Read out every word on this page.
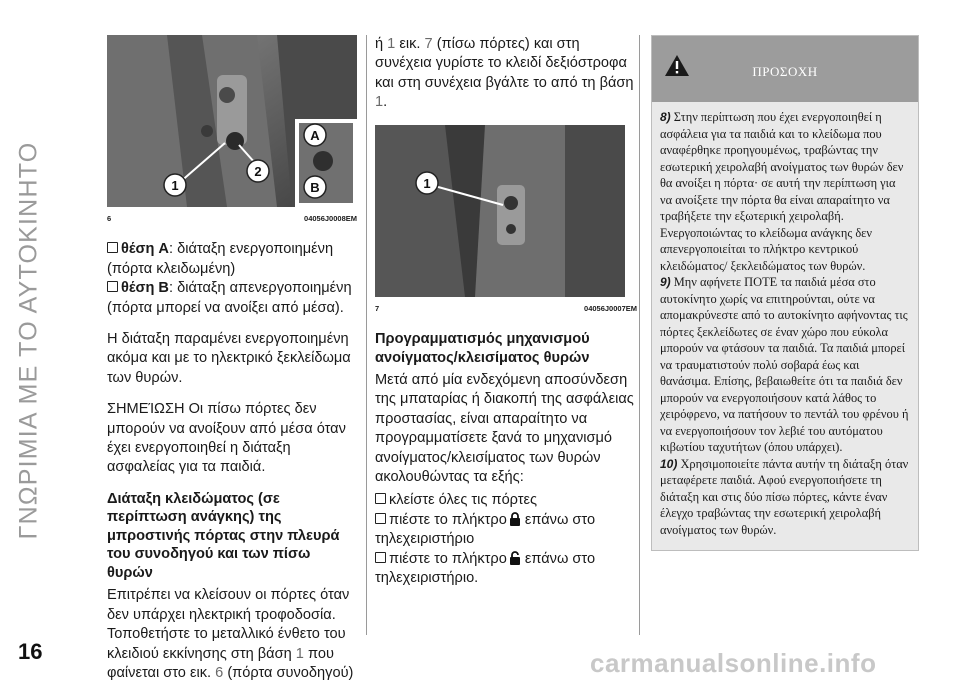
ΓΝΩΡΙΜΙΑ ΜΕ ΤΟ ΑΥΤΟΚΙΝΗΤΟ	1
2
A
B
6	04056J0008EM

θέση A: διάταξη ενεργοποιημένη (πόρτα κλειδωμένη)
θέση B: διάταξη απενεργοποιημένη (πόρτα μπορεί να ανοίξει από μέσα).

Η διάταξη παραμένει ενεργοποιημένη ακόμα και με το ηλεκτρικό ξεκλείδωμα των θυρών.

ΣΗΜΕΊΩΣΗ Οι πίσω πόρτες δεν μπορούν να ανοίξουν από μέσα όταν έχει ενεργοποιηθεί η διάταξη ασφαλείας για τα παιδιά.

Διάταξη κλειδώματος (σε περίπτωση ανάγκης) της μπροστινής πόρτας στην πλευρά του συνοδηγού και των πίσω θυρών

Επιτρέπει να κλείσουν οι πόρτες όταν δεν υπάρχει ηλεκτρική τροφοδοσία. Τοποθετήστε το μεταλλικό ένθετο του κλειδιού εκκίνησης στη βάση 1 που φαίνεται στο εικ. 6 (πόρτα συνοδηγού)

ή 1 εικ. 7 (πίσω πόρτες) και στη συνέχεια γυρίστε το κλειδί δεξιόστροφα και στη συνέχεια βγάλτε το από τη βάση 1.

1
7	04056J0007EM
Προγραμματισμός μηχανισμού ανοίγματος/κλεισίματος θυρών

Μετά από μία ενδεχόμενη αποσύνδεση της μπαταρίας ή διακοπή της ασφάλειας προστασίας, είναι απαραίτητο να προγραμματίσετε ξανά το μηχανισμό ανοίγματος/κλεισίματος των θυρών ακολουθώντας τα εξής:

κλείστε όλες τις πόρτες
πιέστε το πλήκτρο επάνω στο τηλεχειριστήριο
πιέστε το πλήκτρο επάνω στο τηλεχειριστήριο.
ΠΡΟΣΟΧΗ

8) Στην περίπτωση που έχει ενεργοποιηθεί η ασφάλεια για τα παιδιά και το κλείδωμα που αναφέρθηκε προηγουμένως, τραβώντας την εσωτερική χειρολαβή ανοίγματος των θυρών δεν θα ανοίξει η πόρτα· σε αυτή την περίπτωση για να ανοίξετε την πόρτα θα είναι απαραίτητο να τραβήξετε την εξωτερική χειρολαβή. Ενεργοποιώντας το κλείδωμα ανάγκης δεν απενεργοποιείται το πλήκτρο κεντρικού κλειδώματος/ ξεκλειδώματος των θυρών.

9) Μην αφήνετε ΠΟΤΕ τα παιδιά μέσα στο αυτοκίνητο χωρίς να επιτηρούνται, ούτε να απομακρύνεστε από το αυτοκίνητο αφήνοντας τις πόρτες ξεκλείδωτες σε έναν χώρο που εύκολα μπορούν να φτάσουν τα παιδιά. Τα παιδιά μπορεί να τραυματιστούν πολύ σοβαρά έως και θανάσιμα. Επίσης, βεβαιωθείτε ότι τα παιδιά δεν μπορούν να ενεργοποιήσουν κατά λάθος το χειρόφρενο, να πατήσουν το πεντάλ του φρένου ή να ενεργοποιήσουν τον λεβιέ του αυτόματου κιβωτίου ταχυτήτων (όπου υπάρχει).

10) Χρησιμοποιείτε πάντα αυτήν τη διάταξη όταν μεταφέρετε παιδιά. Αφού ενεργοποιήσετε τη διάταξη και στις δύο πίσω πόρτες, κάντε έναν έλεγχο τραβώντας την εσωτερική χειρολαβή ανοίγματος των θυρών.

16	carmanualsonline.info
